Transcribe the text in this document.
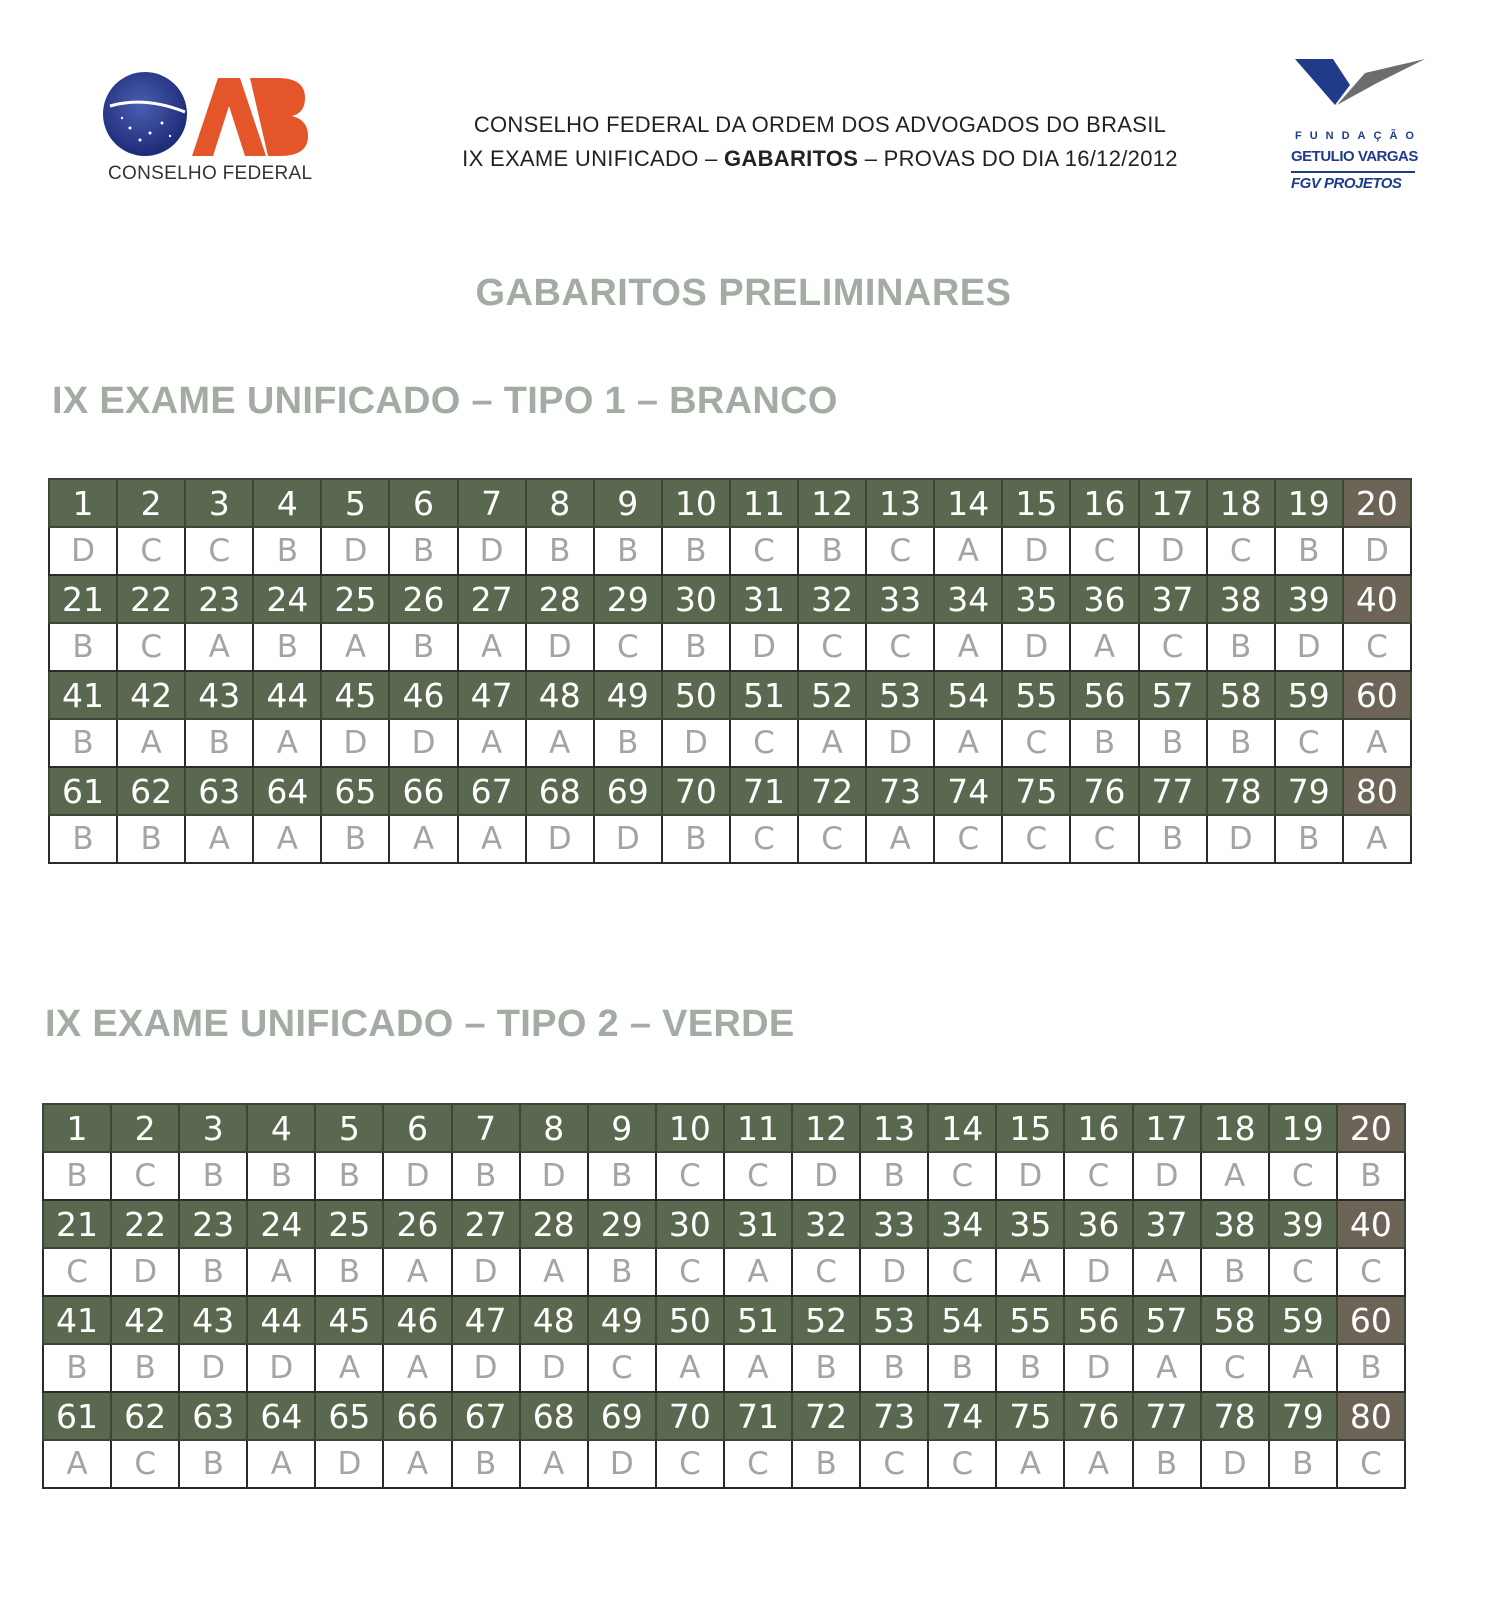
CONSELHO FEDERAL
CONSELHO FEDERAL DA ORDEM DOS ADVOGADOS DO BRASIL
IX EXAME UNIFICADO – GABARITOS – PROVAS DO DIA 16/12/2012
FUNDAÇÃO
GETULIO VARGAS
FGV PROJETOS
GABARITOS PRELIMINARES
IX EXAME UNIFICADO – TIPO 1 – BRANCO
1	2	3	4	5	6	7	8	9	10	11	12	13	14	15	16	17	18	19	20
D	C	C	B	D	B	D	B	B	B	C	B	C	A	D	C	D	C	B	D
21	22	23	24	25	26	27	28	29	30	31	32	33	34	35	36	37	38	39	40
B	C	A	B	A	B	A	D	C	B	D	C	C	A	D	A	C	B	D	C
41	42	43	44	45	46	47	48	49	50	51	52	53	54	55	56	57	58	59	60
B	A	B	A	D	D	A	A	B	D	C	A	D	A	C	B	B	B	C	A
61	62	63	64	65	66	67	68	69	70	71	72	73	74	75	76	77	78	79	80
B	B	A	A	B	A	A	D	D	B	C	C	A	C	C	C	B	D	B	A
IX EXAME UNIFICADO – TIPO 2 – VERDE
1	2	3	4	5	6	7	8	9	10	11	12	13	14	15	16	17	18	19	20
B	C	B	B	B	D	B	D	B	C	C	D	B	C	D	C	D	A	C	B
21	22	23	24	25	26	27	28	29	30	31	32	33	34	35	36	37	38	39	40
C	D	B	A	B	A	D	A	B	C	A	C	D	C	A	D	A	B	C	C
41	42	43	44	45	46	47	48	49	50	51	52	53	54	55	56	57	58	59	60
B	B	D	D	A	A	D	D	C	A	A	B	B	B	B	D	A	C	A	B
61	62	63	64	65	66	67	68	69	70	71	72	73	74	75	76	77	78	79	80
A	C	B	A	D	A	B	A	D	C	C	B	C	C	A	A	B	D	B	C
